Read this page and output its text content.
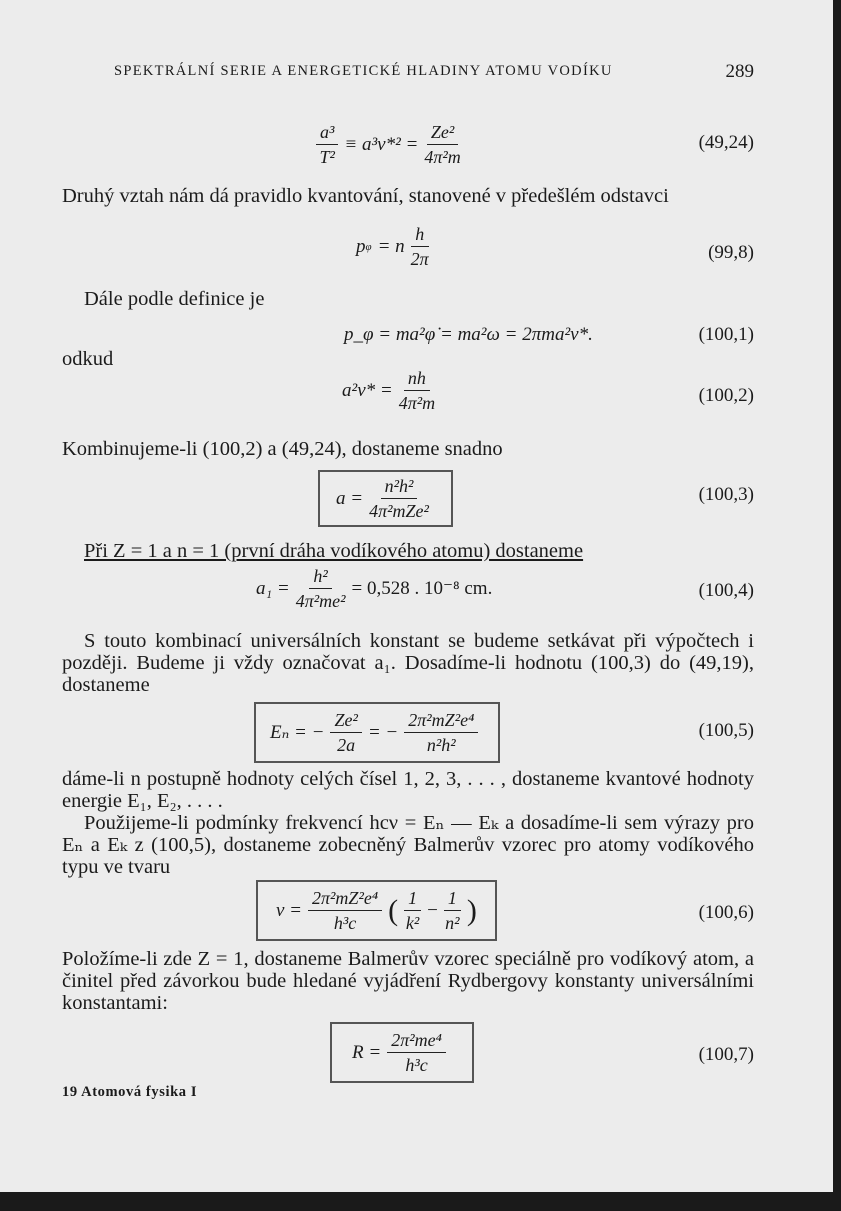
SPEKTRÁLNÍ SERIE A ENERGETICKÉ HLADINY ATOMU VODÍKU	289
$\frac{\text{a³}}{\text{T²}} \equiv a^3\nu*^2 = \frac{\text{Ze²}}{\text{4π²m}}$	(49,24)
Druhý vztah nám dá pravidlo kvantování, stanovené v předešlém odstavci
p φ = n $\frac{h}{2\pi}$	(99,8)
Dále podle definice je
p_φ = ma²φ̇ = ma²ω = 2πma²ν*.	(100,1)
odkud
$a^2\nu* = \frac{nh}{\text{4π²m}}$	(100,2)
Kombinujeme-li (100,2) a (49,24), dostaneme snadno
$a = \frac{\text{n²h²}}{\text{4π²mZe²}}$	(100,3)
Při Z = 1 a n = 1 (první dráha vodíkového atomu) dostaneme
$a_1 = \frac{\text{h²}}{\text{4π²me²}} = 0,528$ . 10⁻⁸ cm.	(100,4)
S touto kombinací universálních konstant se budeme setkávat při výpočtech i později. Budeme ji vždy označovat a₁. Dosadíme-li hodnotu (100,3) do (49,19), dostaneme
Eₙ = − $\frac{\text{Ze²}}{2a}$ = − $\frac{\text{2π²mZ²e⁴}}{\text{n²h²}}$	(100,5)
dáme-li n postupně hodnoty celých čísel 1, 2, 3, . . . , dostaneme kvantové hodnoty energie E₁, E₂, . . . .
Použijeme-li podmínky frekvencí hcν = Eₙ — Eₖ a dosadíme-li sem výrazy pro Eₙ a Eₖ z (100,5), dostaneme zobecněný Balmerův vzorec pro atomy vodíkového typu ve tvaru
$\nu = \frac{\text{2π²mZ²e⁴}}{\text{h³c}}$ ( $\frac{1}{\text{k²}} - \frac{1}{\text{n²}}$ )	(100,6)
Položíme-li zde Z = 1, dostaneme Balmerův vzorec speciálně pro vodíkový atom, a činitel před závorkou bude hledané vyjádření Rydbergovy konstanty universálními konstantami:
$R = \frac{\text{2π²me⁴}}{\text{h³c}}$	(100,7)
19 Atomová fysika I
